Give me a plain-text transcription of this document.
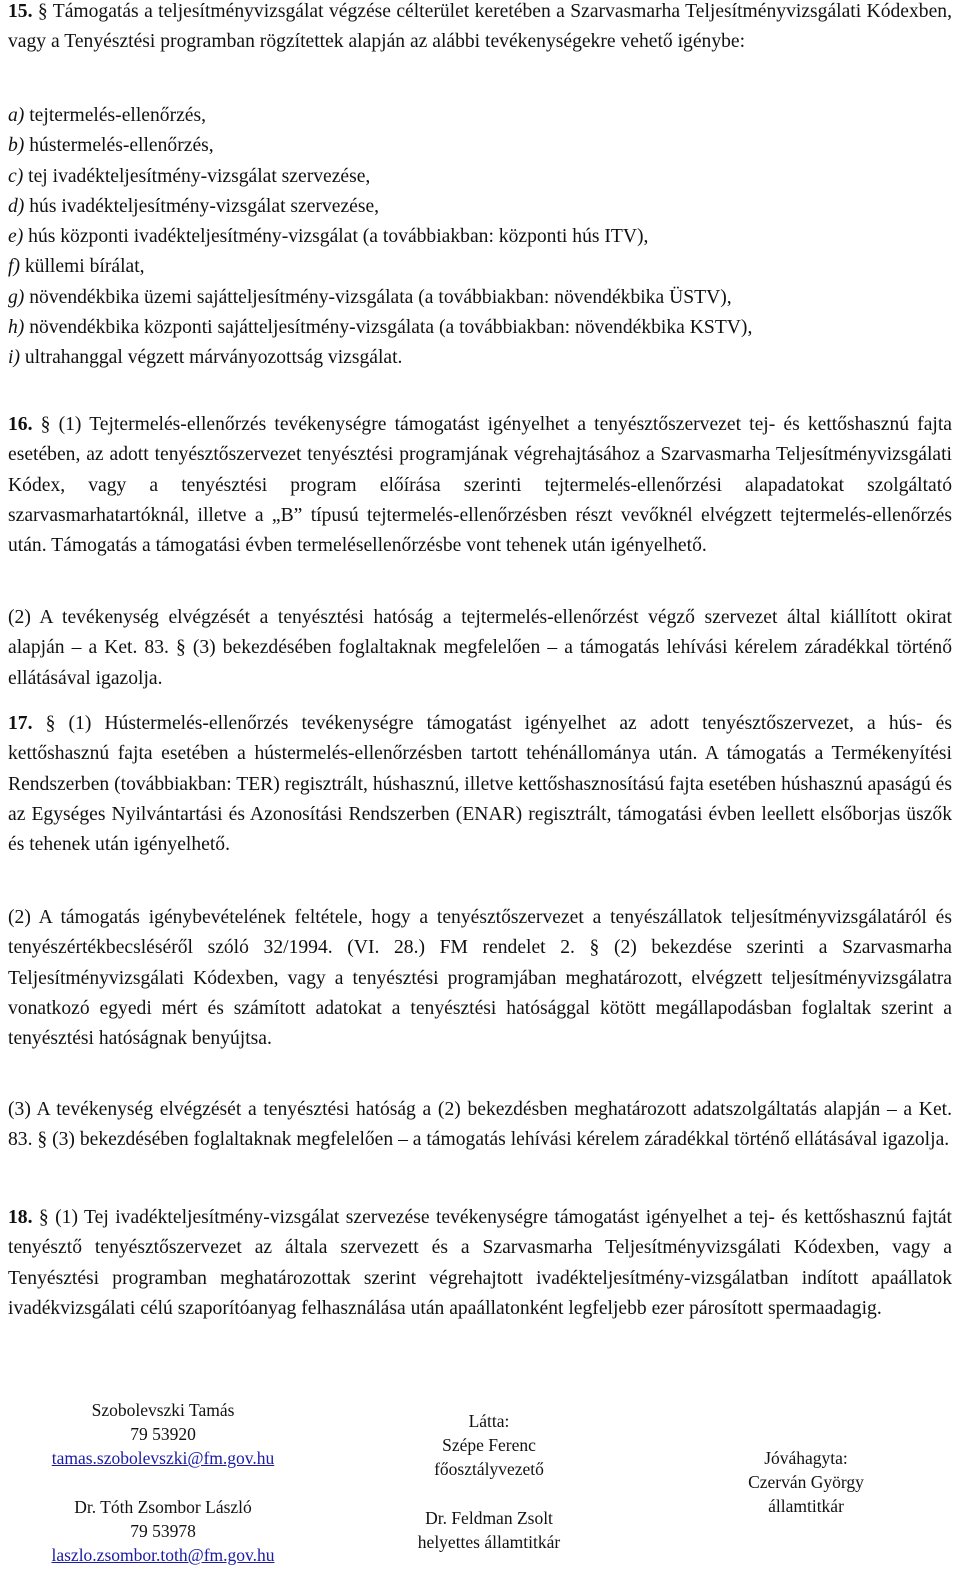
15. § Támogatás a teljesítményvizsgálat végzése célterület keretében a Szarvasmarha Teljesítményvizsgálati Kódexben, vagy a Tenyésztési programban rögzítettek alapján az alábbi tevékenységekre vehető igénybe:

a) tejtermelés-ellenőrzés,

b) hústermelés-ellenőrzés,

c) tej ivadékteljesítmény-vizsgálat szervezése,

d) hús ivadékteljesítmény-vizsgálat szervezése,

e) hús központi ivadékteljesítmény-vizsgálat (a továbbiakban: központi hús ITV),

f) küllemi bírálat,

g) növendékbika üzemi sajátteljesítmény-vizsgálata (a továbbiakban: növendékbika ÜSTV),

h) növendékbika központi sajátteljesítmény-vizsgálata (a továbbiakban: növendékbika KSTV),

i) ultrahanggal végzett márványozottság vizsgálat.

16. § (1) Tejtermelés-ellenőrzés tevékenységre támogatást igényelhet a tenyésztőszervezet tej- és kettőshasznú fajta esetében, az adott tenyésztőszervezet tenyésztési programjának végrehajtásához a Szarvasmarha Teljesítményvizsgálati Kódex, vagy a tenyésztési program előírása szerinti tejtermelés-ellenőrzési alapadatokat szolgáltató szarvasmarhatartóknál, illetve a „B” típusú tejtermelés-ellenőrzésben részt vevőknél elvégzett tejtermelés-ellenőrzés után. Támogatás a támogatási évben termelésellenőrzésbe vont tehenek után igényelhető.

(2) A tevékenység elvégzését a tenyésztési hatóság a tejtermelés-ellenőrzést végző szervezet által kiállított okirat alapján – a Ket. 83. § (3) bekezdésében foglaltaknak megfelelően – a támogatás lehívási kérelem záradékkal történő ellátásával igazolja.

17. § (1) Hústermelés-ellenőrzés tevékenységre támogatást igényelhet az adott tenyésztőszervezet, a hús- és kettőshasznú fajta esetében a hústermelés-ellenőrzésben tartott tehénállománya után. A támogatás a Termékenyítési Rendszerben (továbbiakban: TER) regisztrált, húshasznú, illetve kettőshasznosítású fajta esetében húshasznú apaságú és az Egységes Nyilvántartási és Azonosítási Rendszerben (ENAR) regisztrált, támogatási évben leellett elsőborjas üszők és tehenek után igényelhető.

(2) A támogatás igénybevételének feltétele, hogy a tenyésztőszervezet a tenyészállatok teljesítményvizsgálatáról és tenyészértékbecsléséről szóló 32/1994. (VI. 28.) FM rendelet 2. § (2) bekezdése szerinti a Szarvasmarha Teljesítményvizsgálati Kódexben, vagy a tenyésztési programjában meghatározott, elvégzett teljesítményvizsgálatra vonatkozó egyedi mért és számított adatokat a tenyésztési hatósággal kötött megállapodásban foglaltak szerint a tenyésztési hatóságnak benyújtsa.

(3) A tevékenység elvégzését a tenyésztési hatóság a (2) bekezdésben meghatározott adatszolgáltatás alapján – a Ket. 83. § (3) bekezdésében foglaltaknak megfelelően – a támogatás lehívási kérelem záradékkal történő ellátásával igazolja.

18. § (1) Tej ivadékteljesítmény-vizsgálat szervezése tevékenységre támogatást igényelhet a tej- és kettőshasznú fajtát tenyésztő tenyésztőszervezet az általa szervezett és a Szarvasmarha Teljesítményvizsgálati Kódexben, vagy a Tenyésztési programban meghatározottak szerint végrehajtott ivadékteljesítmény-vizsgálatban indított apaállatok ivadékvizsgálati célú szaporítóanyag felhasználása után apaállatonként legfeljebb ezer párosított spermaadagig.

Szobolevszki Tamás
79 53920
tamas.szobolevszki@fm.gov.hu
Dr. Tóth Zsombor László
79 53978
laszlo.zsombor.toth@fm.gov.hu
Látta:
Szépe Ferenc
főosztályvezető
Dr. Feldman Zsolt
helyettes államtitkár
Jóváhagyta:
Czerván György
államtitkár
